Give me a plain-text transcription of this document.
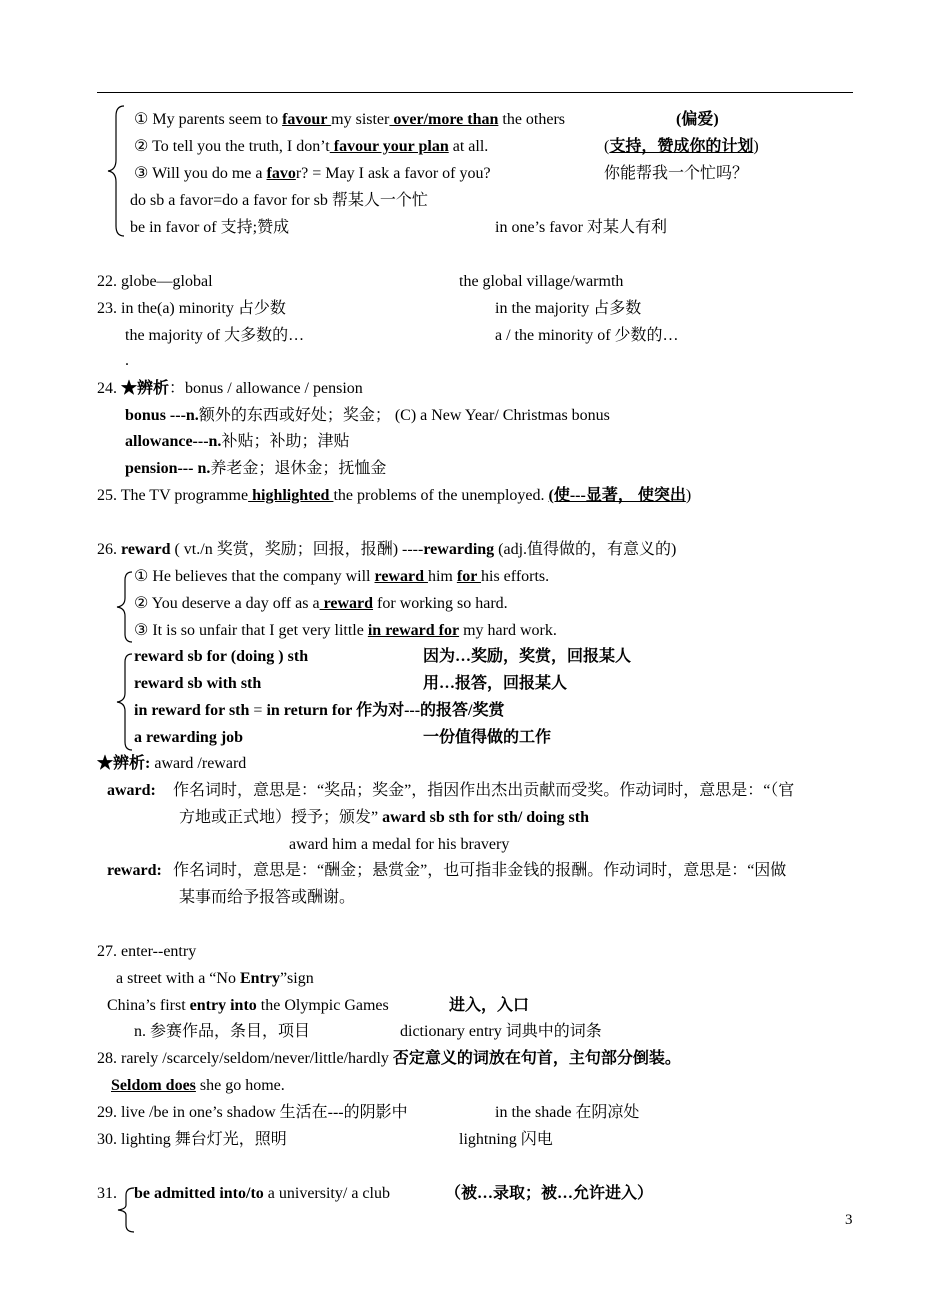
① My parents seem to favour my sister over/more than the others	(偏爱)
② To tell you the truth, I don’t favour your plan at all.	(支持，赞成你的计划)
③ Will you do me a favor? = May I ask a favor of you?	你能帮我一个忙吗？
do sb a favor=do a favor for sb 帮某人一个忙
be in favor of 支持;赞成	in one’s favor 对某人有利
22. globe—global	the global village/warmth
23. in the(a) minority 占少数	in the majority 占多数
the majority of 大多数的…	a / the minority of 少数的…
.
24. ★辨析：bonus / allowance / pension
bonus ---n.额外的东西或好处；奖金； (C) a New Year/ Christmas bonus
allowance---n.补贴；补助；津贴
pension--- n.养老金；退休金；抚恤金
25. The TV programme highlighted the problems of the unemployed. (使---显著， 使突出)
26. reward ( vt./n 奖赏，奖励；回报，报酬) ----rewarding (adj.值得做的，有意义的)
① He believes that the company will reward him for his efforts.
② You deserve a day off as a reward for working so hard.
③ It is so unfair that I get very little in reward for my hard work.
reward sb for (doing ) sth	因为…奖励，奖赏，回报某人
reward sb with sth	用…报答，回报某人
in reward for sth = in return for 作为对---的报答/奖赏
a rewarding job	一份值得做的工作
★辨析: award /reward
award: 作名词时，意思是：“奖品；奖金”，指因作出杰出贡献而受奖。作动词时，意思是：“（官
方地或正式地）授予；颁发” award sb sth for sth/ doing sth
award him a medal for his bravery
reward: 作名词时，意思是：“酬金；悬赏金”，也可指非金钱的报酬。作动词时，意思是：“因做
某事而给予报答或酬谢。
27. enter--entry
a street with a “No Entry”sign
China’s first entry into the Olympic Games	进入，入口
n. 参赛作品，条目，项目	dictionary entry 词典中的词条
28. rarely /scarcely/seldom/never/little/hardly 否定意义的词放在句首，主句部分倒装。
Seldom does she go home.
29. live /be in one’s shadow 生活在---的阴影中	in the shade 在阴凉处
30. lighting 舞台灯光，照明	lightning 闪电
31. be admitted into/to a university/ a club	（被…录取；被…允许进入）
3
